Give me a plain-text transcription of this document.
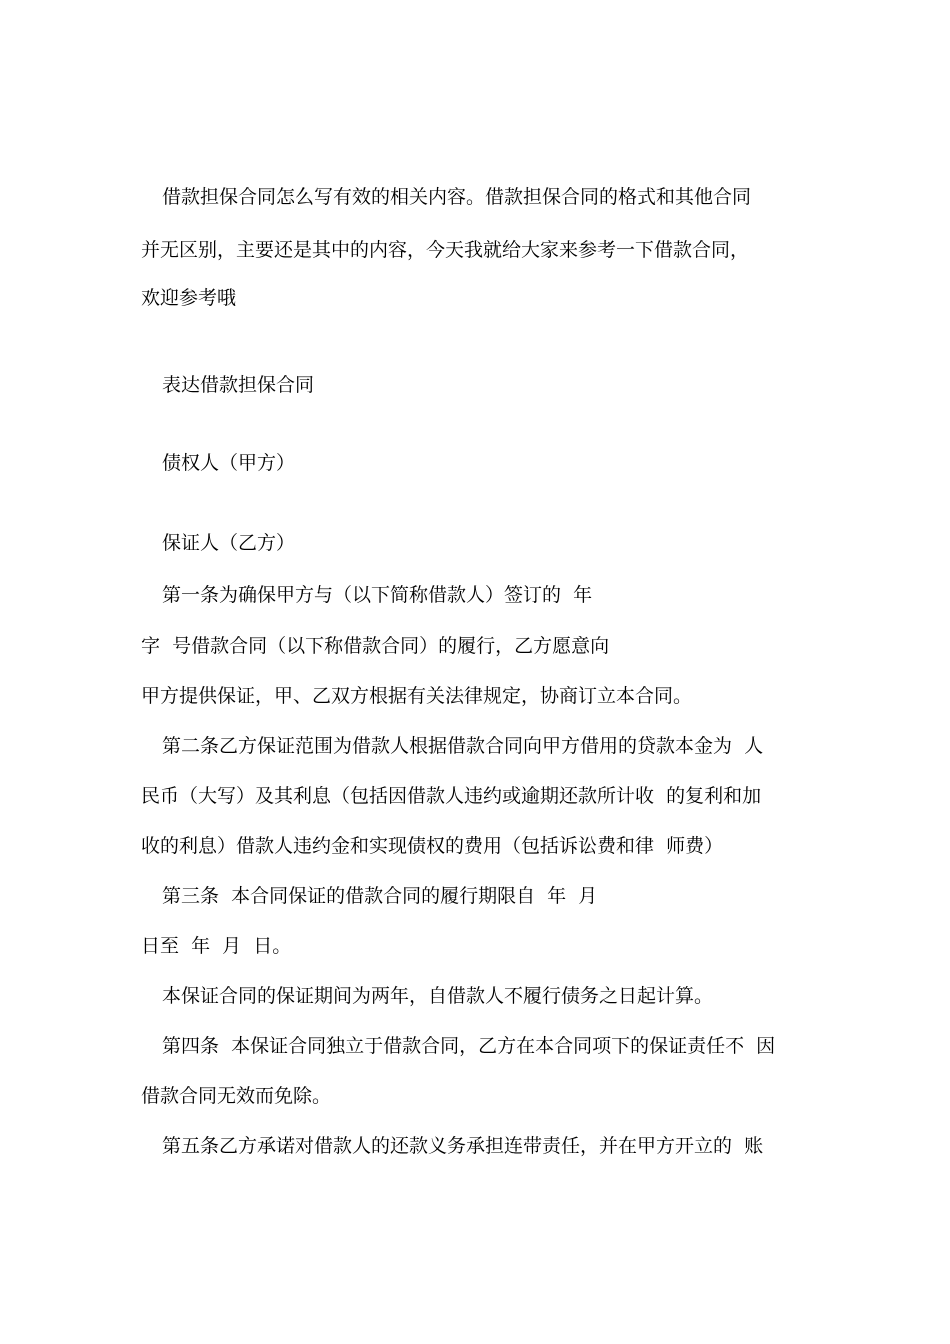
借款担保合同怎么写有效的相关内容。借款担保合同的格式和其他合同

并无区别，主要还是其中的内容，今天我就给大家来参考一下借款合同，

欢迎参考哦

表达借款担保合同

债权人（甲方）

保证人（乙方）

第一条为确保甲方与（以下简称借款人）签订的  年

字  号借款合同（以下称借款合同）的履行，乙方愿意向

甲方提供保证，甲、乙双方根据有关法律规定，协商订立本合同。

第二条乙方保证范围为借款人根据借款合同向甲方借用的贷款本金为  人

民币（大写）及其利息（包括因借款人违约或逾期还款所计收  的复利和加

收的利息）借款人违约金和实现债权的费用（包括诉讼费和律  师费）

第三条  本合同保证的借款合同的履行期限自  年  月

日至  年  月  日。

本保证合同的保证期间为两年，自借款人不履行债务之日起计算。

第四条  本保证合同独立于借款合同，乙方在本合同项下的保证责任不  因

借款合同无效而免除。

第五条乙方承诺对借款人的还款义务承担连带责任，并在甲方开立的  账
